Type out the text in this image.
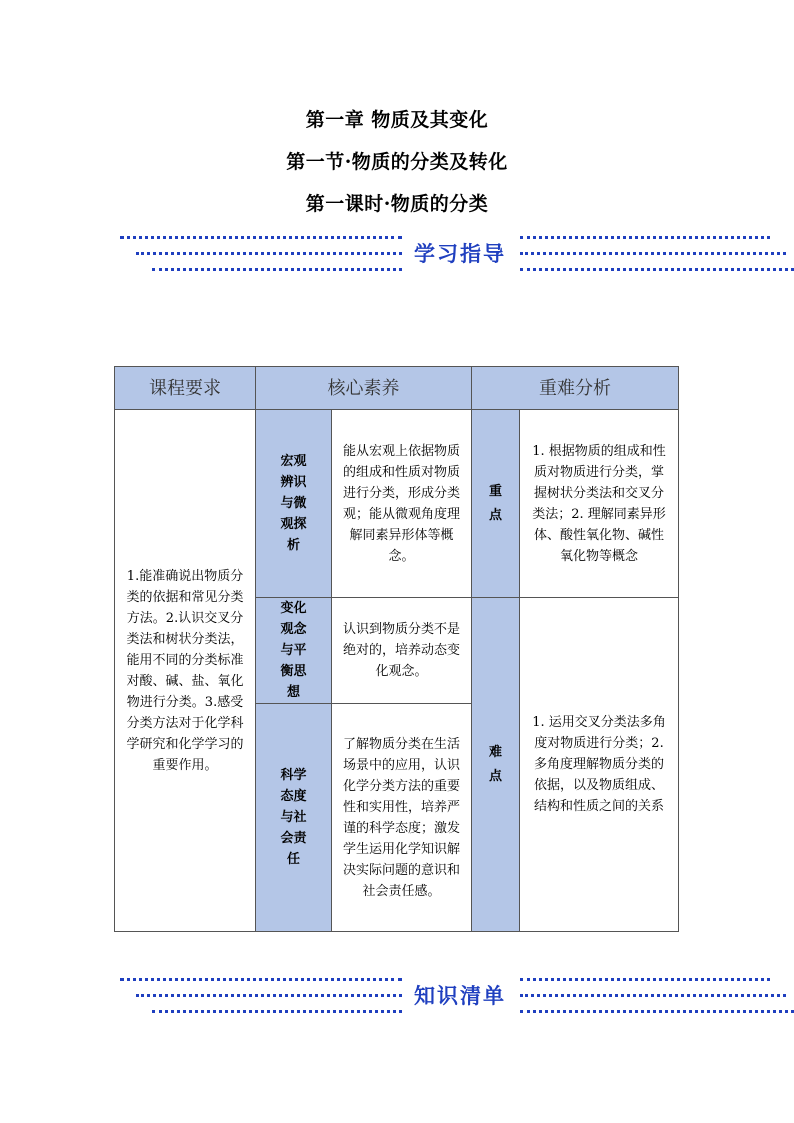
第一章 物质及其变化
第一节·物质的分类及转化
第一课时·物质的分类
学习指导
课程要求	核心素养		重难分析	
1.能准确说出物质分类的依据和常见分类方法。2.认识交叉分类法和树状分类法，能用不同的分类标准对酸、碱、盐、氧化物进行分类。3.感受分类方法对于化学科学研究和化学学习的重要作用。	宏观辨识与微观探析	能从宏观上依据物质的组成和性质对物质进行分类，形成分类观；能从微观角度理解同素异形体等概念。	重点	1. 根据物质的组成和性质对物质进行分类，掌握树状分类法和交叉分类法；2. 理解同素异形体、酸性氧化物、碱性氧化物等概念

	变化观念与平衡思想	认识到物质分类不是绝对的，培养动态变化观念。	难点	1. 运用交叉分类法多角度对物质进行分类；2. 多角度理解物质分类的依据，以及物质组成、结构和性质之间的关系

	科学态度与社会责任	了解物质分类在生活场景中的应用，认识化学分类方法的重要性和实用性，培养严谨的科学态度；激发学生运用化学知识解决实际问题的意识和社会责任感。		
知识清单
